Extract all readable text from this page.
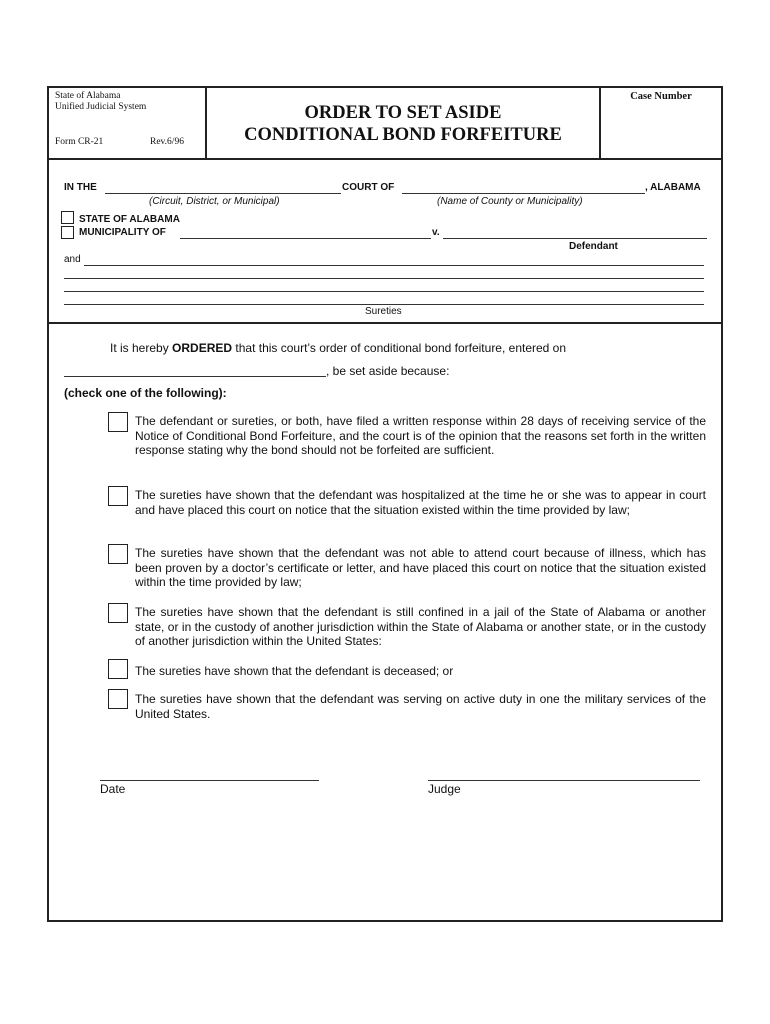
State of Alabama
Unified Judicial System
Form CR-21	Rev.6/96
ORDER TO SET ASIDE
CONDITIONAL BOND FORFEITURE
Case Number
IN THE	COURT OF	, ALABAMA
(Circuit, District, or Municipal)	(Name of County or Municipality)
STATE OF ALABAMA
MUNICIPALITY OF	v.
Defendant
and
Sureties
It is hereby ORDERED that this court’s order of conditional bond forfeiture, entered on
, be set aside because:
(check one of the following):
The defendant or sureties, or both, have filed a written response within 28 days of receiving service of the Notice of Conditional Bond Forfeiture, and the court is of the opinion that the reasons set forth in the written response stating why the bond should not be forfeited are sufficient.
The sureties have shown that the defendant was hospitalized at the time he or she was to appear in court and have placed this court on notice that the situation existed within the time provided by law;
The sureties have shown that the defendant was not able to attend court because of illness, which has been proven by a doctor’s certificate or letter, and have placed this court on notice that the situation existed within the time provided by law;
The sureties have shown that the defendant is still confined in a jail of the State of Alabama or another state, or in the custody of another jurisdiction within the State of Alabama or another state, or in the custody of another jurisdiction within the United States:
The sureties have shown that the defendant is deceased; or
The sureties have shown that the defendant was serving on active duty in one the military services of the United States.
Date	Judge
